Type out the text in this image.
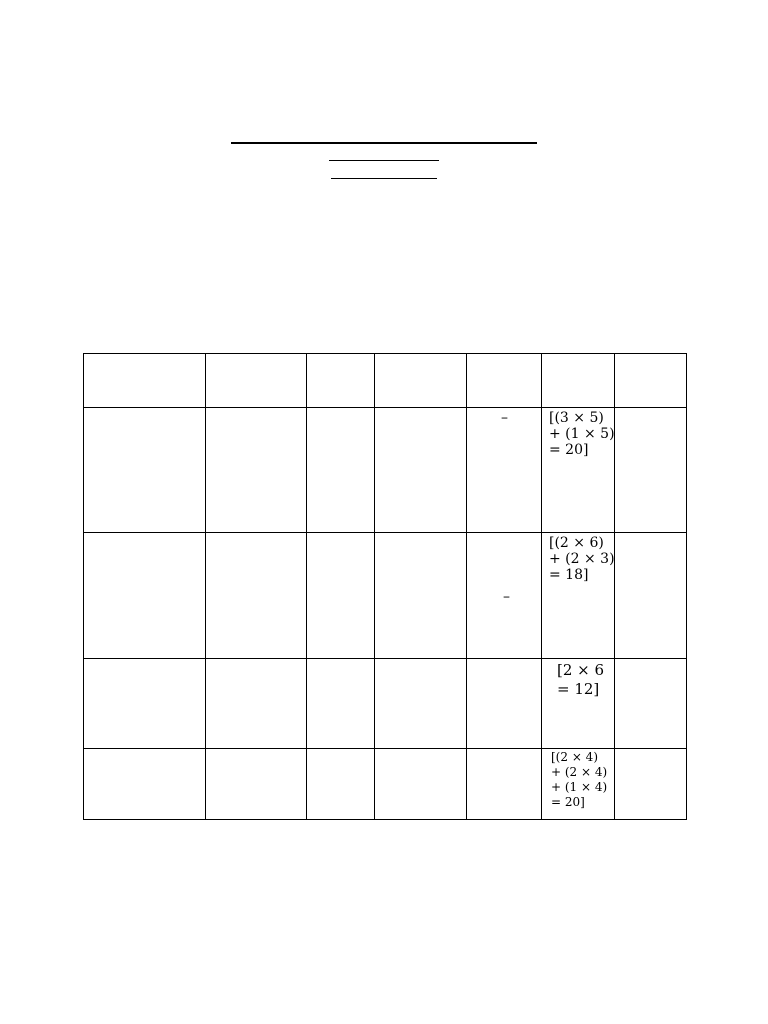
				–	[(3 × 5)
+ (1 × 5)
= 20]	

				–	[(2 × 6)
+ (2 × 3)
= 18]	

					[2 × 6
= 12]	

					[(2 × 4)
+ (2 × 4)
+ (1 × 4)
= 20]	
